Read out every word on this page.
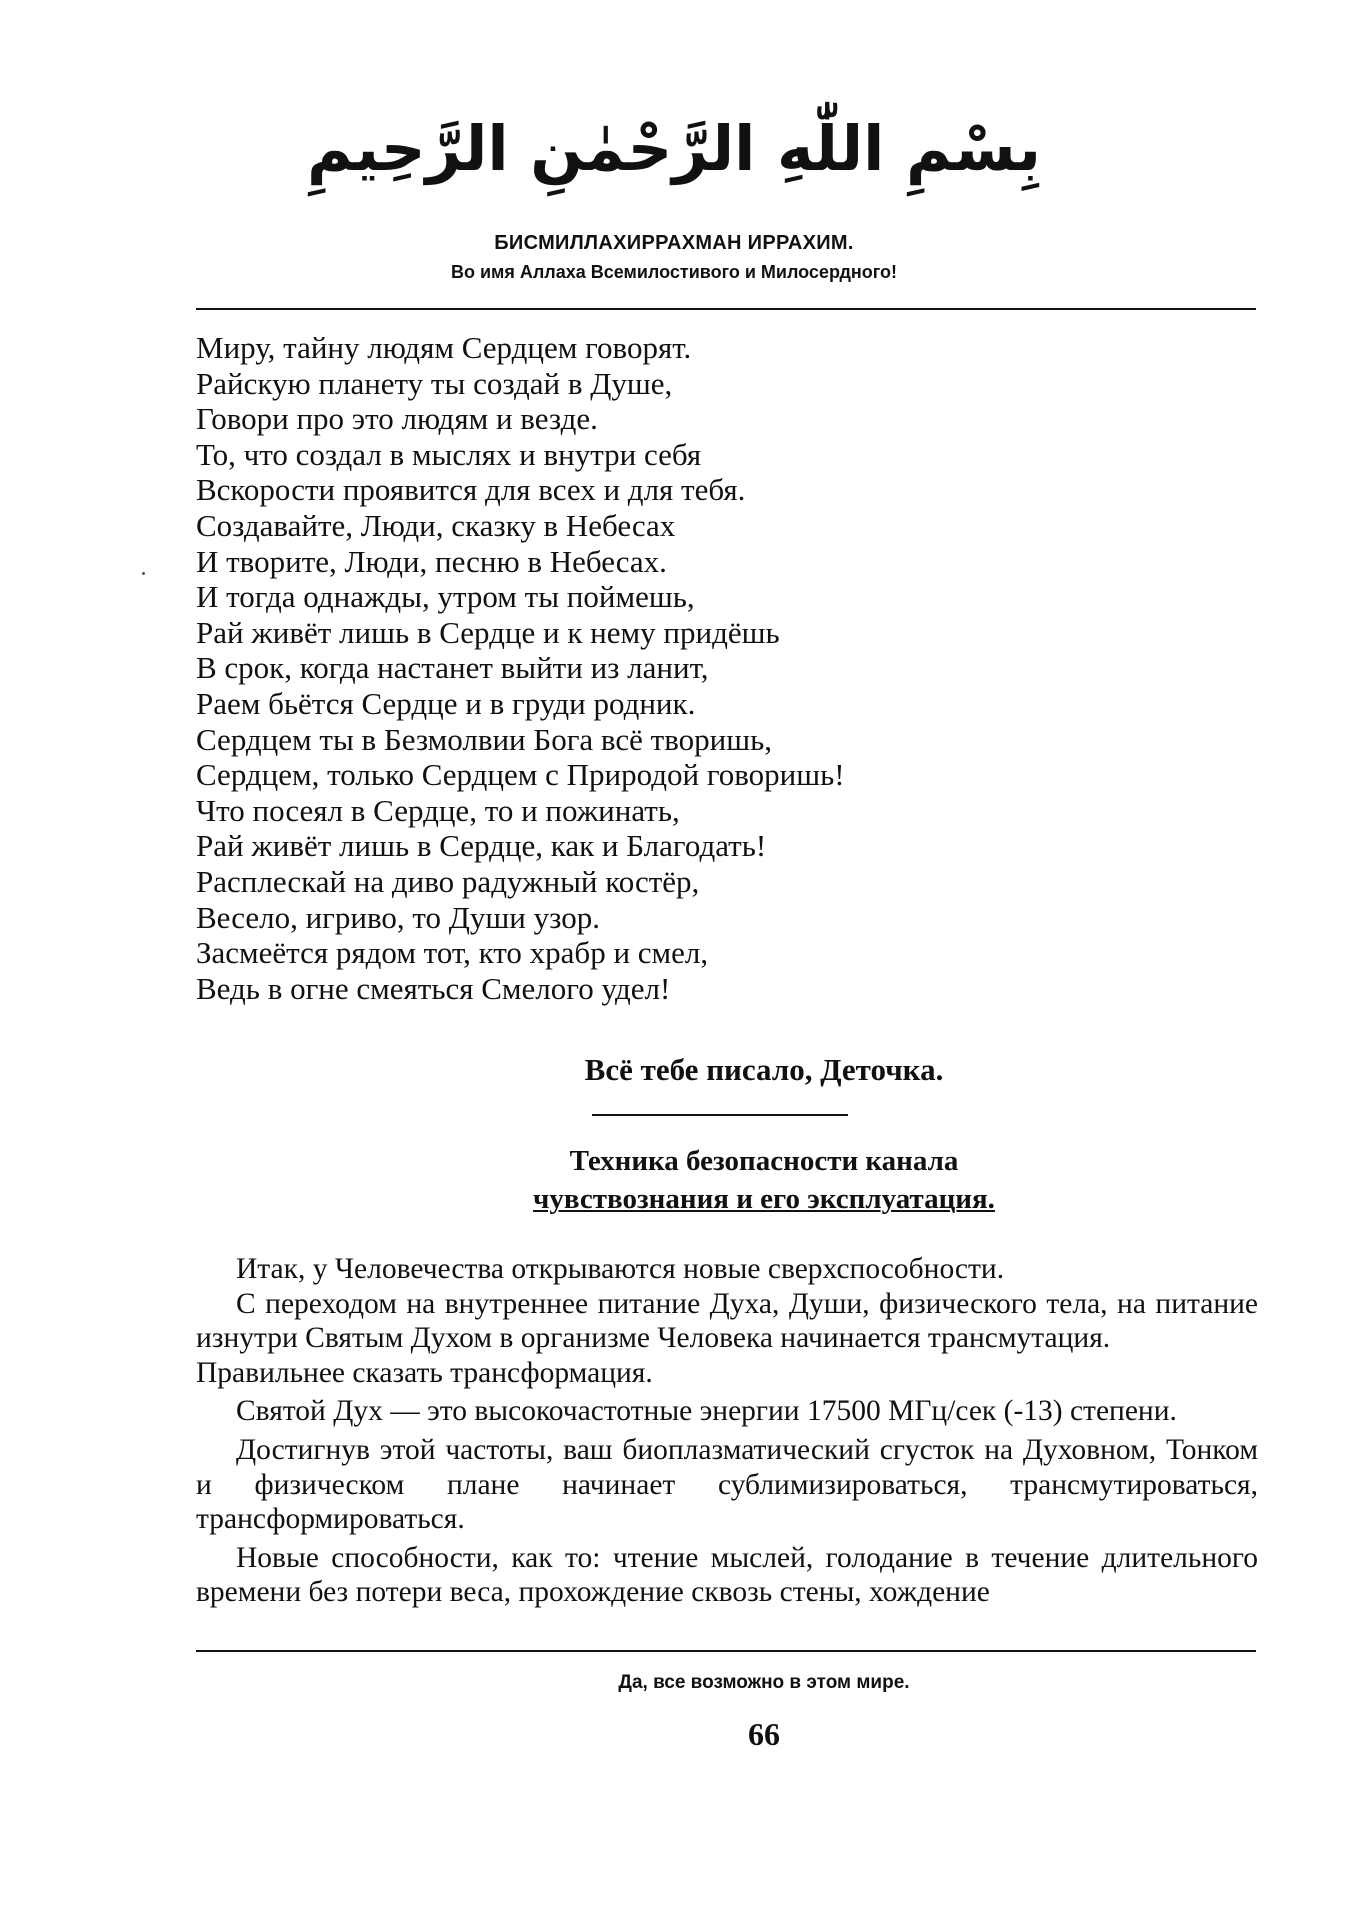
بِسْمِ اللّٰهِ الرَّحْمٰنِ الرَّحِيمِ
БИСМИЛЛАХИРРАХМАН ИРРАХИМ.
Во имя Аллаха Всемилостивого и Милосердного!
Миру, тайну людям Сердцем говорят.
Райскую планету ты создай в Душе,
Говори про это людям и везде.
То, что создал в мыслях и внутри себя
Вскорости проявится для всех и для тебя.
Создавайте, Люди, сказку в Небесах
И творите, Люди, песню в Небесах.
И тогда однажды, утром ты поймешь,
Рай живёт лишь в Сердце и к нему придёшь
В срок, когда настанет выйти из ланит,
Раем бьётся Сердце и в груди родник.
Сердцем ты в Безмолвии Бога всё творишь,
Сердцем, только Сердцем с Природой говоришь!
Что посеял в Сердце, то и пожинать,
Рай живёт лишь в Сердце, как и Благодать!
Расплескай на диво радужный костёр,
Весело, игриво, то Души узор.
Засмеётся рядом тот, кто храбр и смел,
Ведь в огне смеяться Смелого удел!
Всё тебе писало, Деточка.
Техника безопасности канала
чувствознания и его эксплуатация.

Итак, у Человечества открываются новые сверхспособности.

С переходом на внутреннее питание Духа, Души, физического тела, на питание изнутри Святым Духом в организме Человека начинается трансмутация.

Правильнее сказать трансформация.

Святой Дух — это высокочастотные энергии 17500 МГц/сек (-13) степени.

Достигнув этой частоты, ваш биоплазматический сгусток на Духовном, Тонком и физическом плане начинает сублимизироваться, трансмутироваться, трансформироваться.

Новые способности, как то: чтение мыслей, голодание в течение длительного времени без потери веса, прохождение сквозь стены, хождение

Да, все возможно в этом мире.
66
